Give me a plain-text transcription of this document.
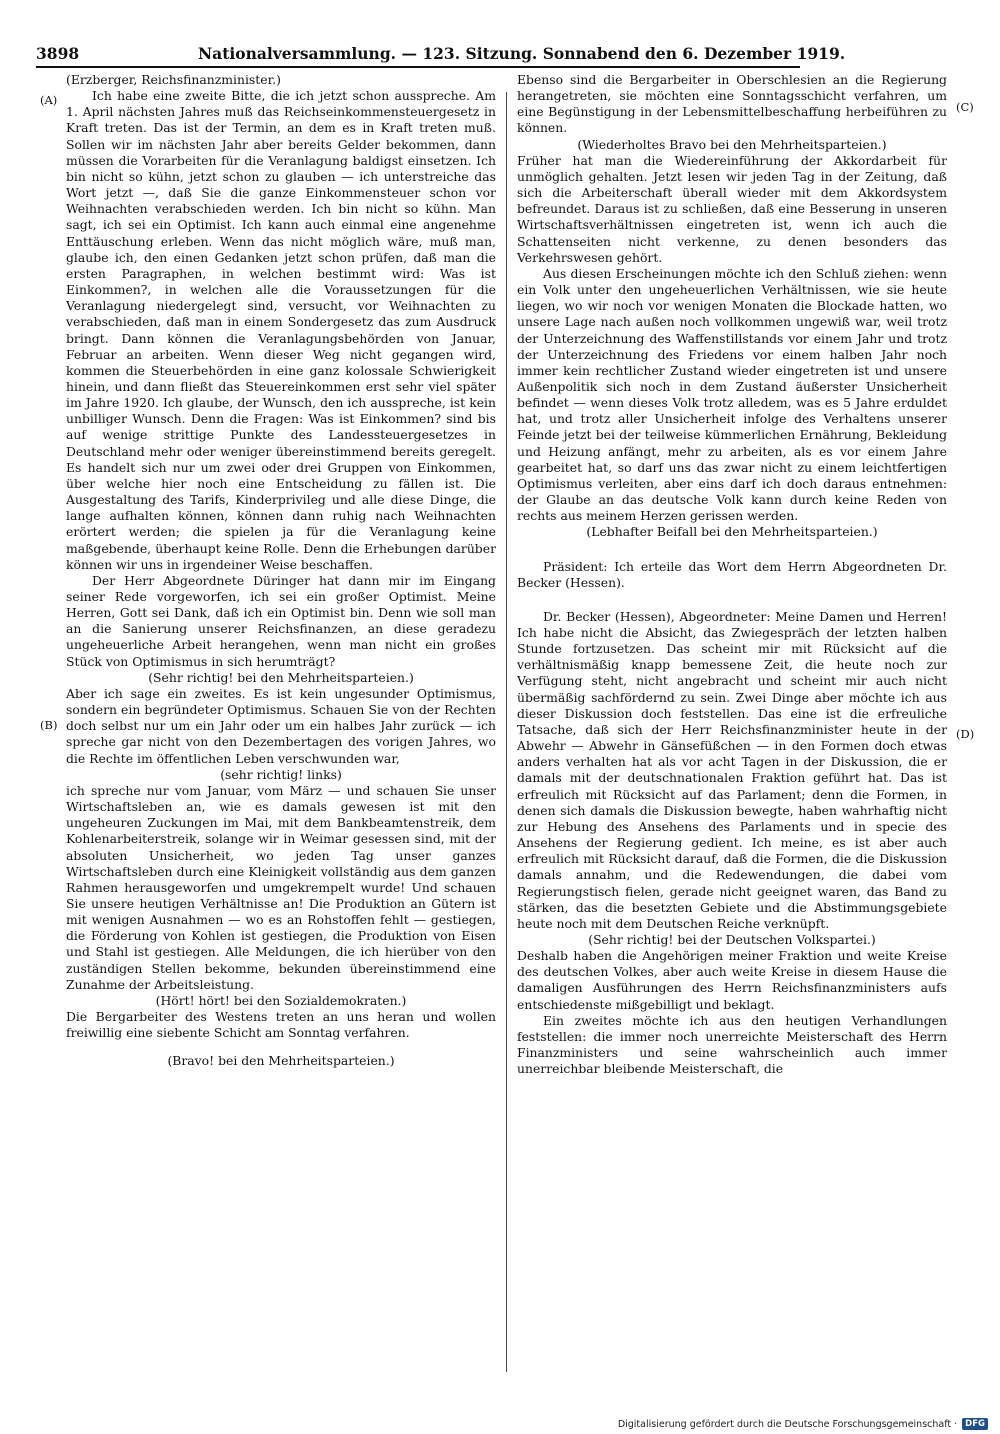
3898	Nationalversammlung. — 123. Sitzung. Sonnabend den 6. Dezember 1919.
(A)
(B)
(C)
(D)

(Erzberger, Reichsfinanzminister.)

Ich habe eine zweite Bitte, die ich jetzt schon ausspreche. Am 1. April nächsten Jahres muß das Reichseinkommensteuergesetz in Kraft treten. Das ist der Termin, an dem es in Kraft treten muß. Sollen wir im nächsten Jahr aber bereits Gelder bekommen, dann müssen die Vorarbeiten für die Veranlagung baldigst einsetzen. Ich bin nicht so kühn, jetzt schon zu glauben — ich unterstreiche das Wort jetzt —, daß Sie die ganze Einkommensteuer schon vor Weihnachten verabschieden werden. Ich bin nicht so kühn. Man sagt, ich sei ein Optimist. Ich kann auch einmal eine angenehme Enttäuschung erleben. Wenn das nicht möglich wäre, muß man, glaube ich, den einen Gedanken jetzt schon prüfen, daß man die ersten Paragraphen, in welchen bestimmt wird: Was ist Einkommen?, in welchen alle die Voraussetzungen für die Veranlagung niedergelegt sind, versucht, vor Weihnachten zu verabschieden, daß man in einem Sondergesetz das zum Ausdruck bringt. Dann können die Veranlagungsbehörden von Januar, Februar an arbeiten. Wenn dieser Weg nicht gegangen wird, kommen die Steuerbehörden in eine ganz kolossale Schwierigkeit hinein, und dann fließt das Steuereinkommen erst sehr viel später im Jahre 1920. Ich glaube, der Wunsch, den ich ausspreche, ist kein unbilliger Wunsch. Denn die Fragen: Was ist Einkommen? sind bis auf wenige strittige Punkte des Landessteuergesetzes in Deutschland mehr oder weniger übereinstimmend bereits geregelt. Es handelt sich nur um zwei oder drei Gruppen von Einkommen, über welche hier noch eine Entscheidung zu fällen ist. Die Ausgestaltung des Tarifs, Kinderprivileg und alle diese Dinge, die lange aufhalten können, können dann ruhig nach Weihnachten erörtert werden; die spielen ja für die Veranlagung keine maßgebende, überhaupt keine Rolle. Denn die Erhebungen darüber können wir uns in irgendeiner Weise beschaffen.

Der Herr Abgeordnete Düringer hat dann mir im Eingang seiner Rede vorgeworfen, ich sei ein großer Optimist. Meine Herren, Gott sei Dank, daß ich ein Optimist bin. Denn wie soll man an die Sanierung unserer Reichsfinanzen, an diese geradezu ungeheuerliche Arbeit herangehen, wenn man nicht ein großes Stück von Optimismus in sich herumträgt?

(Sehr richtig! bei den Mehrheitsparteien.)

Aber ich sage ein zweites. Es ist kein ungesunder Optimismus, sondern ein begründeter Optimismus. Schauen Sie von der Rechten doch selbst nur um ein Jahr oder um ein halbes Jahr zurück — ich spreche gar nicht von den Dezembertagen des vorigen Jahres, wo die Rechte im öffentlichen Leben verschwunden war,

(sehr richtig! links)

ich spreche nur vom Januar, vom März — und schauen Sie unser Wirtschaftsleben an, wie es damals gewesen ist mit den ungeheuren Zuckungen im Mai, mit dem Bankbeamtenstreik, dem Kohlenarbeiterstreik, solange wir in Weimar gesessen sind, mit der absoluten Unsicherheit, wo jeden Tag unser ganzes Wirtschaftsleben durch eine Kleinigkeit vollständig aus dem ganzen Rahmen herausgeworfen und umgekrempelt wurde! Und schauen Sie unsere heutigen Verhältnisse an! Die Produktion an Gütern ist mit wenigen Ausnahmen — wo es an Rohstoffen fehlt — gestiegen, die Förderung von Kohlen ist gestiegen, die Produktion von Eisen und Stahl ist gestiegen. Alle Meldungen, die ich hierüber von den zuständigen Stellen bekomme, bekunden übereinstimmend eine Zunahme der Arbeitsleistung.

(Hört! hört! bei den Sozialdemokraten.)

Die Bergarbeiter des Westens treten an uns heran und wollen freiwillig eine siebente Schicht am Sonntag verfahren.

(Bravo! bei den Mehrheitsparteien.)

Ebenso sind die Bergarbeiter in Oberschlesien an die Regierung herangetreten, sie möchten eine Sonntagsschicht verfahren, um eine Begünstigung in der Lebensmittelbeschaffung herbeiführen zu können.

(Wiederholtes Bravo bei den Mehrheitsparteien.)

Früher hat man die Wiedereinführung der Akkordarbeit für unmöglich gehalten. Jetzt lesen wir jeden Tag in der Zeitung, daß sich die Arbeiterschaft überall wieder mit dem Akkordsystem befreundet. Daraus ist zu schließen, daß eine Besserung in unseren Wirtschaftsverhältnissen eingetreten ist, wenn ich auch die Schattenseiten nicht verkenne, zu denen besonders das Verkehrswesen gehört.

Aus diesen Erscheinungen möchte ich den Schluß ziehen: wenn ein Volk unter den ungeheuerlichen Verhältnissen, wie sie heute liegen, wo wir noch vor wenigen Monaten die Blockade hatten, wo unsere Lage nach außen noch vollkommen ungewiß war, weil trotz der Unterzeichnung des Waffenstillstands vor einem Jahr und trotz der Unterzeichnung des Friedens vor einem halben Jahr noch immer kein rechtlicher Zustand wieder eingetreten ist und unsere Außenpolitik sich noch in dem Zustand äußerster Unsicherheit befindet — wenn dieses Volk trotz alledem, was es 5 Jahre erduldet hat, und trotz aller Unsicherheit infolge des Verhaltens unserer Feinde jetzt bei der teilweise kümmerlichen Ernährung, Bekleidung und Heizung anfängt, mehr zu arbeiten, als es vor einem Jahre gearbeitet hat, so darf uns das zwar nicht zu einem leichtfertigen Optimismus verleiten, aber eins darf ich doch daraus entnehmen: der Glaube an das deutsche Volk kann durch keine Reden von rechts aus meinem Herzen gerissen werden.

(Lebhafter Beifall bei den Mehrheitsparteien.)

Präsident: Ich erteile das Wort dem Herrn Abgeordneten Dr. Becker (Hessen).

Dr. Becker (Hessen), Abgeordneter: Meine Damen und Herren! Ich habe nicht die Absicht, das Zwiegespräch der letzten halben Stunde fortzusetzen. Das scheint mir mit Rücksicht auf die verhältnismäßig knapp bemessene Zeit, die heute noch zur Verfügung steht, nicht angebracht und scheint mir auch nicht übermäßig sachfördernd zu sein. Zwei Dinge aber möchte ich aus dieser Diskussion doch feststellen. Das eine ist die erfreuliche Tatsache, daß sich der Herr Reichsfinanzminister heute in der Abwehr — Abwehr in Gänsefüßchen — in den Formen doch etwas anders verhalten hat als vor acht Tagen in der Diskussion, die er damals mit der deutschnationalen Fraktion geführt hat. Das ist erfreulich mit Rücksicht auf das Parlament; denn die Formen, in denen sich damals die Diskussion bewegte, haben wahrhaftig nicht zur Hebung des Ansehens des Parlaments und in specie des Ansehens der Regierung gedient. Ich meine, es ist aber auch erfreulich mit Rücksicht darauf, daß die Formen, die die Diskussion damals annahm, und die Redewendungen, die dabei vom Regierungstisch fielen, gerade nicht geeignet waren, das Band zu stärken, das die besetzten Gebiete und die Abstimmungsgebiete heute noch mit dem Deutschen Reiche verknüpft.

(Sehr richtig! bei der Deutschen Volkspartei.)

Deshalb haben die Angehörigen meiner Fraktion und weite Kreise des deutschen Volkes, aber auch weite Kreise in diesem Hause die damaligen Ausführungen des Herrn Reichsfinanzministers aufs entschiedenste mißgebilligt und beklagt.

Ein zweites möchte ich aus den heutigen Verhandlungen feststellen: die immer noch unerreichte Meisterschaft des Herrn Finanzministers und seine wahrscheinlich auch immer unerreichbar bleibende Meisterschaft, die

Digitalisierung gefördert durch die Deutsche Forschungsgemeinschaft · DFG
